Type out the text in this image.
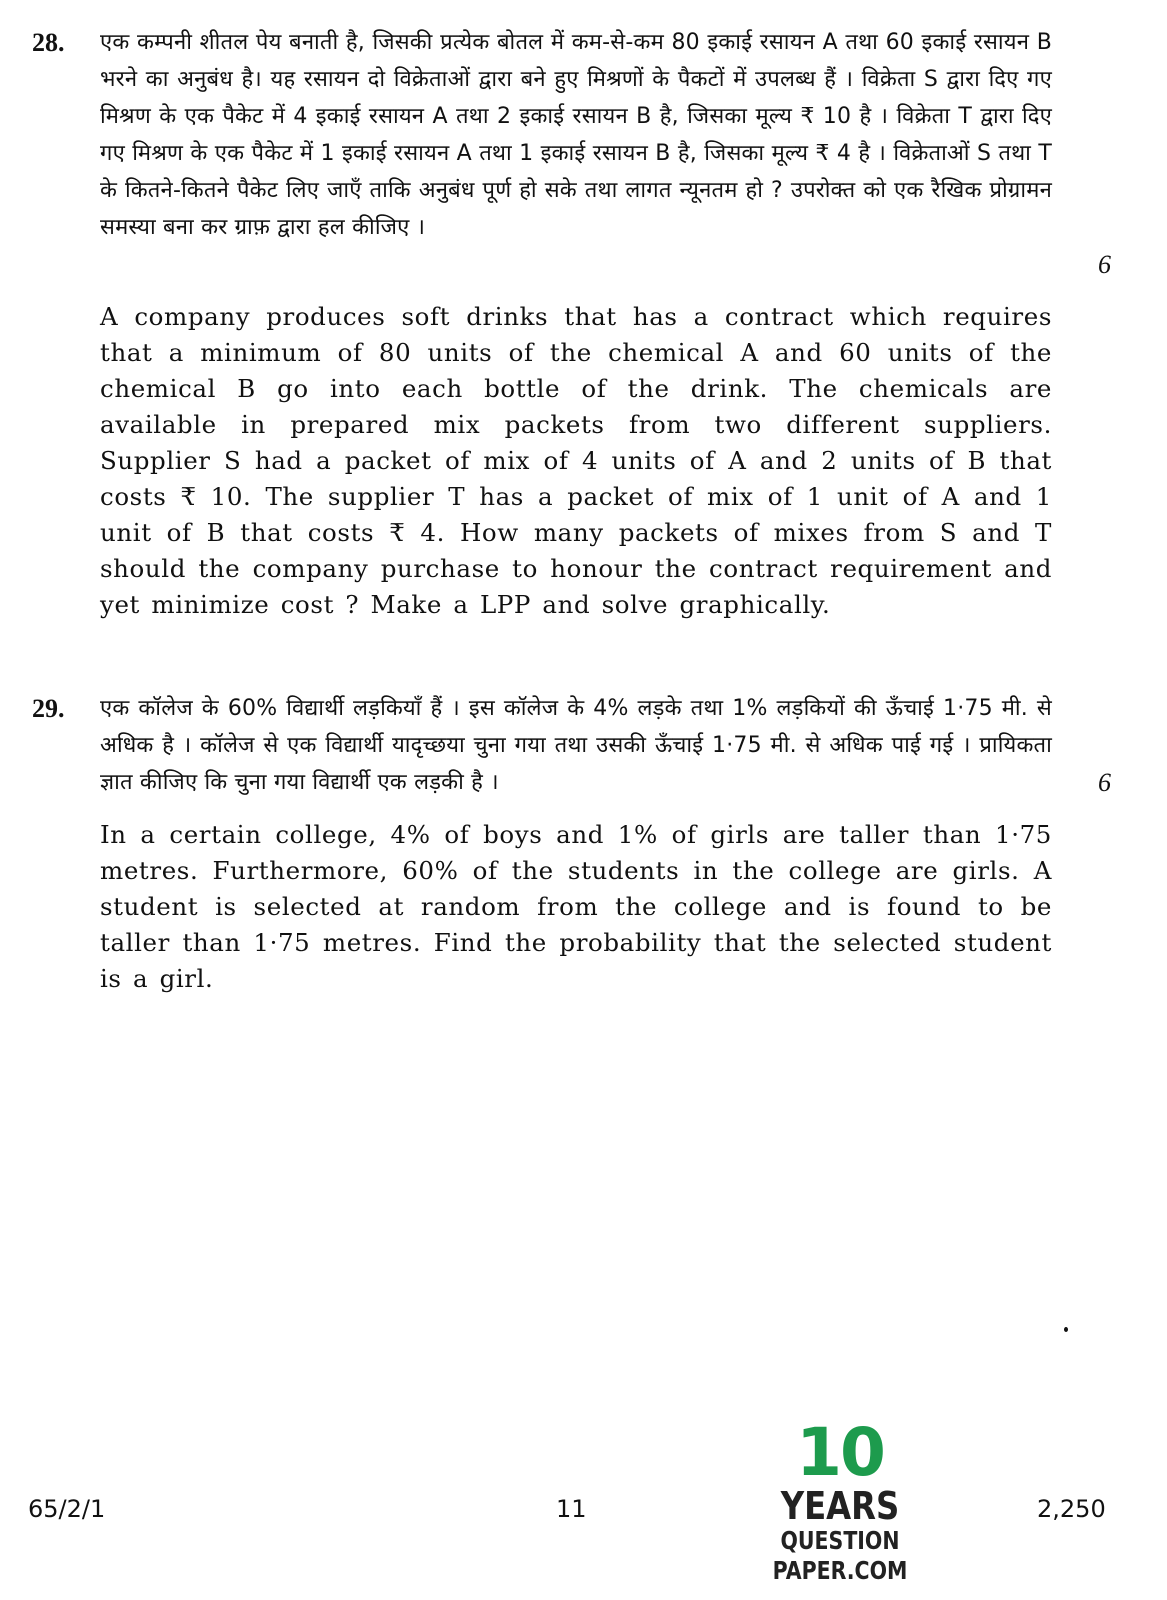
28. एक कम्पनी शीतल पेय बनाती है, जिसकी प्रत्येक बोतल में कम-से-कम 80 इकाई रसायन A तथा 60 इकाई रसायन B भरने का अनुबंध है। यह रसायन दो विक्रेताओं द्वारा बने हुए मिश्रणों के पैकटों में उपलब्ध हैं । विक्रेता S द्वारा दिए गए मिश्रण के एक पैकेट में 4 इकाई रसायन A तथा 2 इकाई रसायन B है, जिसका मूल्य ₹ 10 है । विक्रेता T द्वारा दिए गए मिश्रण के एक पैकेट में 1 इकाई रसायन A तथा 1 इकाई रसायन B है, जिसका मूल्य ₹ 4 है । विक्रेताओं S तथा T के कितने-कितने पैकेट लिए जाएँ ताकि अनुबंध पूर्ण हो सके तथा लागत न्यूनतम हो ? उपरोक्त को एक रैखिक प्रोग्रामन समस्या बना कर ग्राफ़ द्वारा हल कीजिए ।
6
A company produces soft drinks that has a contract which requires that a minimum of 80 units of the chemical A and 60 units of the chemical B go into each bottle of the drink. The chemicals are available in prepared mix packets from two different suppliers. Supplier S had a packet of mix of 4 units of A and 2 units of B that costs ₹ 10. The supplier T has a packet of mix of 1 unit of A and 1 unit of B that costs ₹ 4. How many packets of mixes from S and T should the company purchase to honour the contract requirement and yet minimize cost ? Make a LPP and solve graphically.
29. एक कॉलेज के 60% विद्यार्थी लड़कियाँ हैं । इस कॉलेज के 4% लड़के तथा 1% लड़कियों की ऊँचाई 1·75 मी. से अधिक है । कॉलेज से एक विद्यार्थी यादृच्छया चुना गया तथा उसकी ऊँचाई 1·75 मी. से अधिक पाई गई । प्रायिकता ज्ञात कीजिए कि चुना गया विद्यार्थी एक लड़की है ।	6
In a certain college, 4% of boys and 1% of girls are taller than 1·75 metres. Furthermore, 60% of the students in the college are girls. A student is selected at random from the college and is found to be taller than 1·75 metres. Find the probability that the selected student is a girl.
65/2/1	11	2,250
10
YEARS
QUESTION PAPER.COM
